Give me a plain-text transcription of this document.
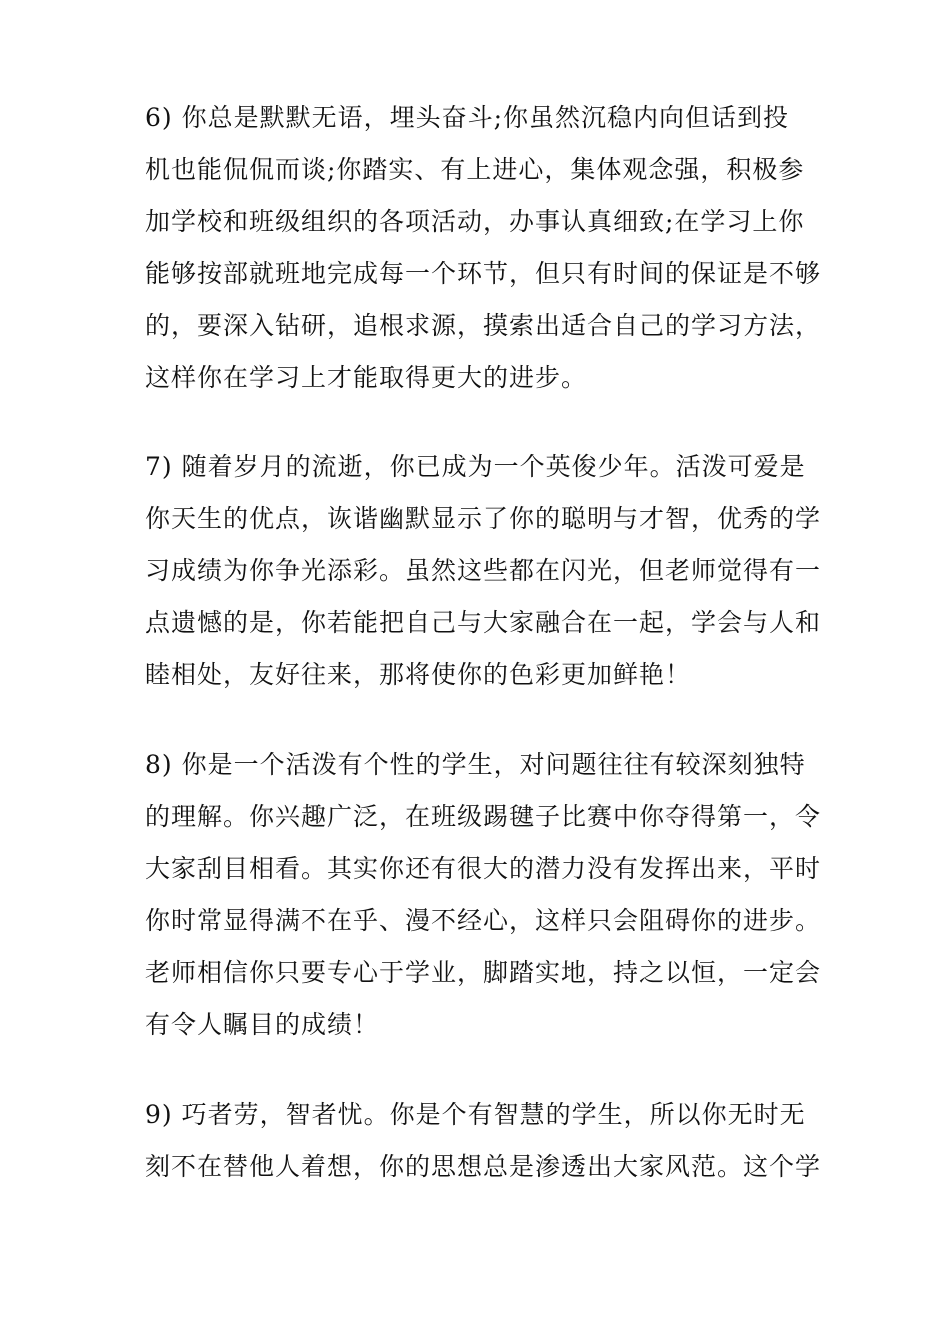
6) 你总是默默无语，埋头奋斗;你虽然沉稳内向但话到投
机也能侃侃而谈;你踏实、有上进心，集体观念强，积极参
加学校和班级组织的各项活动，办事认真细致;在学习上你
能够按部就班地完成每一个环节，但只有时间的保证是不够
的，要深入钻研，追根求源，摸索出适合自己的学习方法，
这样你在学习上才能取得更大的进步。
7) 随着岁月的流逝，你已成为一个英俊少年。活泼可爱是
你天生的优点，诙谐幽默显示了你的聪明与才智，优秀的学
习成绩为你争光添彩。虽然这些都在闪光，但老师觉得有一
点遗憾的是，你若能把自己与大家融合在一起，学会与人和
睦相处，友好往来，那将使你的色彩更加鲜艳！
8) 你是一个活泼有个性的学生，对问题往往有较深刻独特
的理解。你兴趣广泛，在班级踢毽子比赛中你夺得第一，令
大家刮目相看。其实你还有很大的潜力没有发挥出来，平时
你时常显得满不在乎、漫不经心，这样只会阻碍你的进步。
老师相信你只要专心于学业，脚踏实地，持之以恒，一定会
有令人瞩目的成绩！
9) 巧者劳，智者忧。你是个有智慧的学生，所以你无时无
刻不在替他人着想，你的思想总是渗透出大家风范。这个学
